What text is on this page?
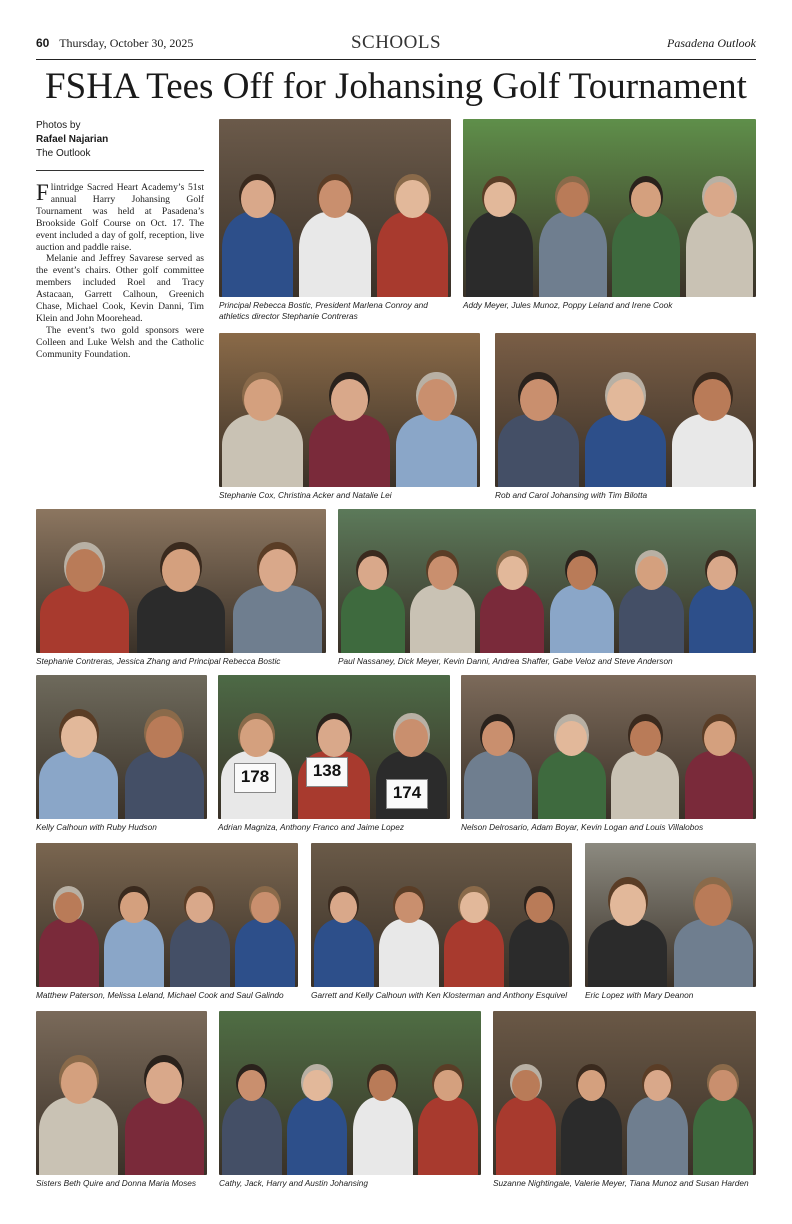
60 Thursday, October 30, 2025	SCHOOLS	Pasadena Outlook
FSHA Tees Off for Johansing Golf Tournament
Photos by
Rafael Najarian
The Outlook

Flintridge Sacred Heart Academy’s 51st annual Harry Johansing Golf Tournament was held at Pasadena’s Brookside Golf Course on Oct. 17. The event included a day of golf, reception, live auction and paddle raise.

Melanie and Jeffrey Savarese served as the event’s chairs. Other golf committee members included Roel and Tracy Astacaan, Garrett Calhoun, Greenich Chase, Michael Cook, Kevin Danni, Tim Klein and John Moorehead.

The event’s two gold sponsors were Colleen and Luke Welsh and the Catholic Community Foundation.

Principal Rebecca Bostic, President Marlena Conroy and athletics director Stephanie Contreras
Addy Meyer, Jules Munoz, Poppy Leland and Irene Cook
Stephanie Cox, Christina Acker and Natalie Lei	Rob and Carol Johansing with Tim Bilotta
Stephanie Contreras, Jessica Zhang and Principal Rebecca Bostic	Paul Nassaney, Dick Meyer, Kevin Danni, Andrea Shaffer, Gabe Veloz and Steve Anderson
Kelly Calhoun with Ruby Hudson
178	138
174
Adrian Magniza, Anthony Franco and Jaime Lopez	Nelson Delrosario, Adam Boyar, Kevin Logan and Louis Villalobos
Matthew Paterson, Melissa Leland, Michael Cook and Saul Galindo	Garrett and Kelly Calhoun with Ken Klosterman and Anthony Esquivel	Eric Lopez with Mary Deanon
Sisters Beth Quire and Donna Maria Moses	Cathy, Jack, Harry and Austin Johansing	Suzanne Nightingale, Valerie Meyer, Tiana Munoz and Susan Harden
